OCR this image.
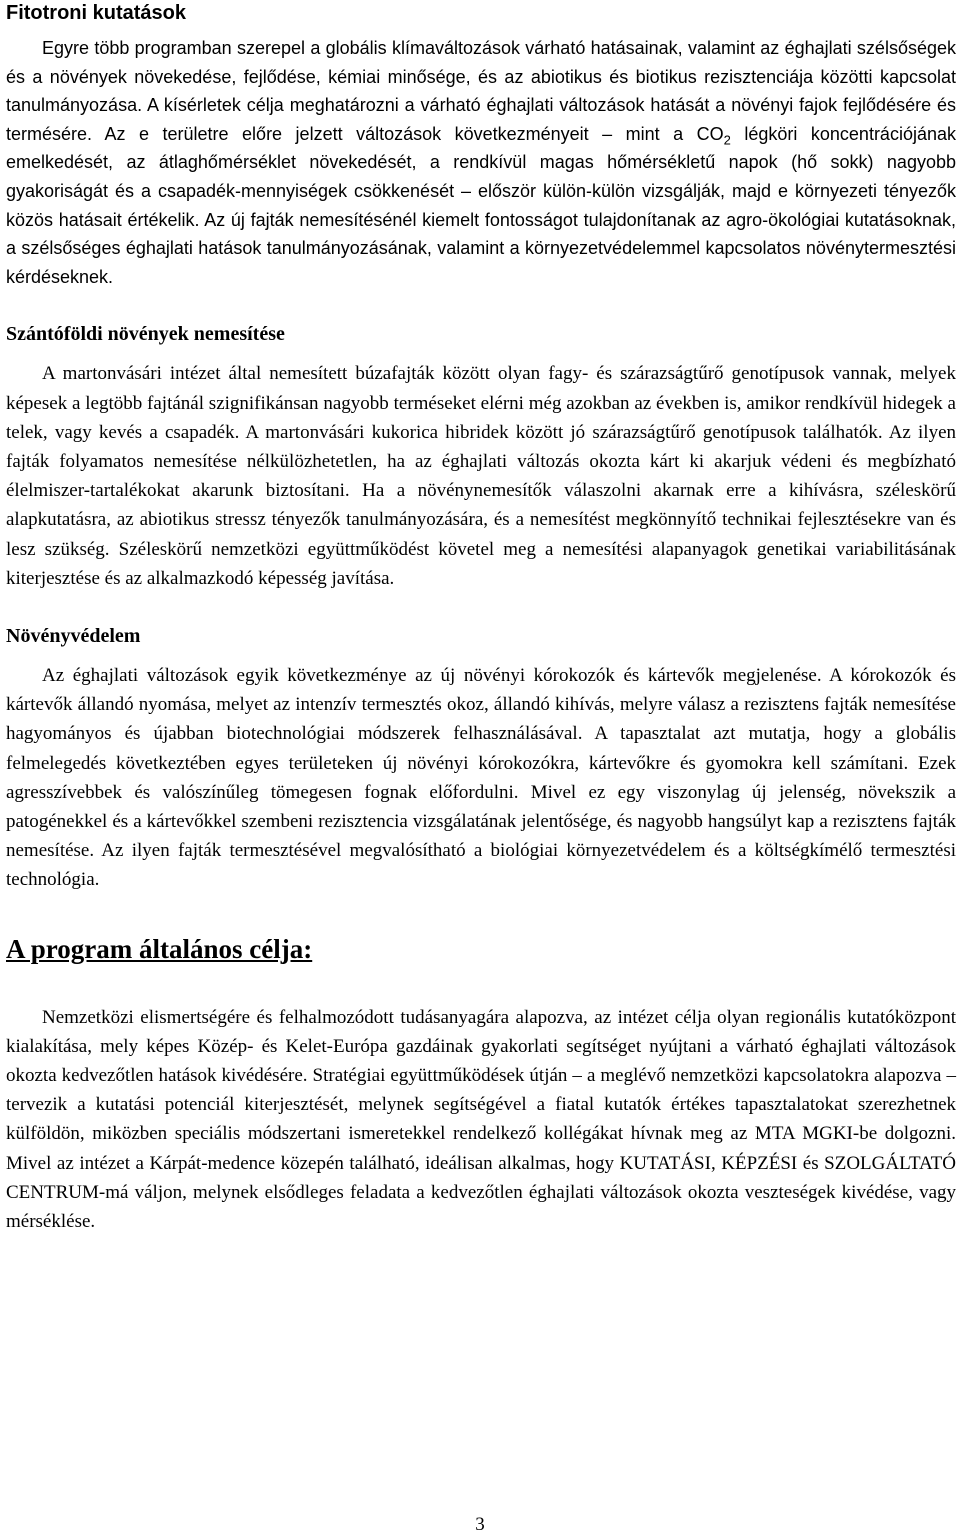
Fitotroni kutatások

Egyre több programban szerepel a globális klímaváltozások várható hatásainak, valamint az éghajlati szélsőségek és a növények növekedése, fejlődése, kémiai minősége, és az abiotikus és biotikus rezisztenciája közötti kapcsolat tanulmányozása. A kísérletek célja meghatározni a várható éghajlati változások hatását a növényi fajok fejlődésére és termésére. Az e területre előre jelzett változások következményeit – mint a $CO_2$ légköri koncentrációjának emelkedését, az átlaghőmérséklet növekedését, a rendkívül magas hőmérsékletű napok (hő sokk) nagyobb gyakoriságát és a csapadék-mennyiségek csökkenését – először külön-külön vizsgálják, majd e környezeti tényezők közös hatásait értékelik. Az új fajták nemesítésénél kiemelt fontosságot tulajdonítanak az agro-ökológiai kutatásoknak, a szélsőséges éghajlati hatások tanulmányozásának, valamint a környezetvédelemmel kapcsolatos növénytermesztési kérdéseknek.

Szántóföldi növények nemesítése

A martonvásári intézet által nemesített búzafajták között olyan fagy- és szárazságtűrő genotípusok vannak, melyek képesek a legtöbb fajtánál szignifikánsan nagyobb terméseket elérni még azokban az években is, amikor rendkívül hidegek a telek, vagy kevés a csapadék. A martonvásári kukorica hibridek között jó szárazságtűrő genotípusok találhatók. Az ilyen fajták folyamatos nemesítése nélkülözhetetlen, ha az éghajlati változás okozta kárt ki akarjuk védeni és megbízható élelmiszer-tartalékokat akarunk biztosítani. Ha a növénynemesítők válaszolni akarnak erre a kihívásra, széleskörű alapkutatásra, az abiotikus stressz tényezők tanulmányozására, és a nemesítést megkönnyítő technikai fejlesztésekre van és lesz szükség. Széleskörű nemzetközi együttműködést követel meg a nemesítési alapanyagok genetikai variabilitásának kiterjesztése és az alkalmazkodó képesség javítása.

Növényvédelem

Az éghajlati változások egyik következménye az új növényi kórokozók és kártevők megjelenése. A kórokozók és kártevők állandó nyomása, melyet az intenzív termesztés okoz, állandó kihívás, melyre válasz a rezisztens fajták nemesítése hagyományos és újabban biotechnológiai módszerek felhasználásával. A tapasztalat azt mutatja, hogy a globális felmelegedés következtében egyes területeken új növényi kórokozókra, kártevőkre és gyomokra kell számítani. Ezek agresszívebbek és valószínűleg tömegesen fognak előfordulni. Mivel ez egy viszonylag új jelenség, növekszik a patogénekkel és a kártevőkkel szembeni rezisztencia vizsgálatának jelentősége, és nagyobb hangsúlyt kap a rezisztens fajták nemesítése. Az ilyen fajták termesztésével megvalósítható a biológiai környezetvédelem és a költségkímélő termesztési technológia.

A program általános célja:

Nemzetközi elismertségére és felhalmozódott tudásanyagára alapozva, az intézet célja olyan regionális kutatóközpont kialakítása, mely képes Közép- és Kelet-Európa gazdáinak gyakorlati segítséget nyújtani a várható éghajlati változások okozta kedvezőtlen hatások kivédésére. Stratégiai együttműködések útján – a meglévő nemzetközi kapcsolatokra alapozva – tervezik a kutatási potenciál kiterjesztését, melynek segítségével a fiatal kutatók értékes tapasztalatokat szerezhetnek külföldön, miközben speciális módszertani ismeretekkel rendelkező kollégákat hívnak meg az MTA MGKI-be dolgozni. Mivel az intézet a Kárpát-medence közepén található, ideálisan alkalmas, hogy KUTATÁSI, KÉPZÉSI és SZOLGÁLTATÓ CENTRUM-má váljon, melynek elsődleges feladata a kedvezőtlen éghajlati változások okozta veszteségek kivédése, vagy mérséklése.

3
